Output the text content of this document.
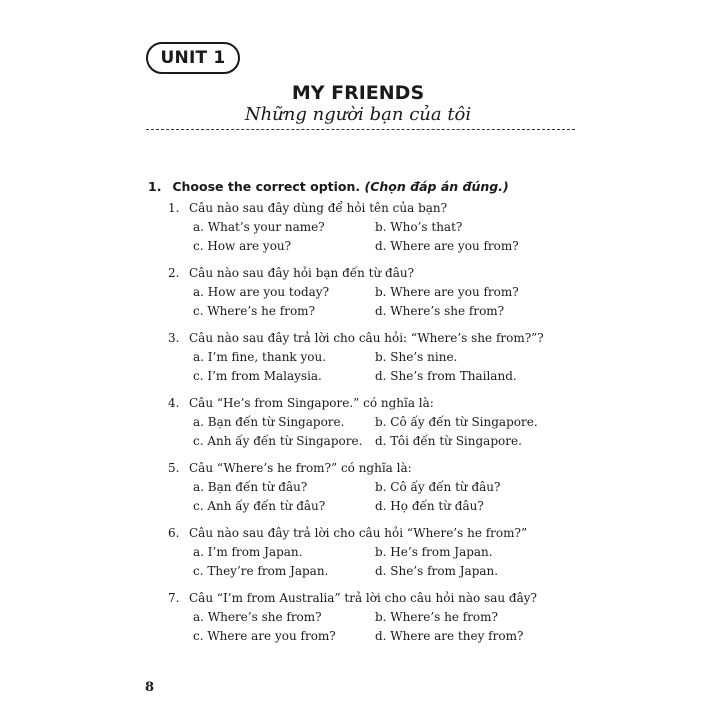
UNIT 1
MY FRIENDS
Những người bạn của tôi
1. Choose the correct option. (Chọn đáp án đúng.)
1. Câu nào sau đây dùng để hỏi tên của bạn?
a. What’s your name?	b. Who’s that?
c. How are you?	d. Where are you from?
2. Câu nào sau đây hỏi bạn đến từ đâu?
a. How are you today?	b. Where are you from?
c. Where’s he from?	d. Where’s she from?
3. Câu nào sau đây trả lời cho câu hỏi: “Where’s she from?”?
a. I’m fine, thank you.	b. She’s nine.
c. I’m from Malaysia.	d. She’s from Thailand.
4. Câu “He’s from Singapore.” có nghĩa là:
a. Bạn đến từ Singapore.	b. Cô ấy đến từ Singapore.
c. Anh ấy đến từ Singapore.	d. Tôi đến từ Singapore.
5. Câu “Where’s he from?” có nghĩa là:
a. Bạn đến từ đâu?	b. Cô ấy đến từ đâu?
c. Anh ấy đến từ đâu?	d. Họ đến từ đâu?
6. Câu nào sau đây trả lời cho câu hỏi “Where’s he from?”
a. I’m from Japan.	b. He’s from Japan.
c. They’re from Japan.	d. She’s from Japan.
7. Câu “I’m from Australia” trả lời cho câu hỏi nào sau đây?
a. Where’s she from?	b. Where’s he from?
c. Where are you from?	d. Where are they from?
8
